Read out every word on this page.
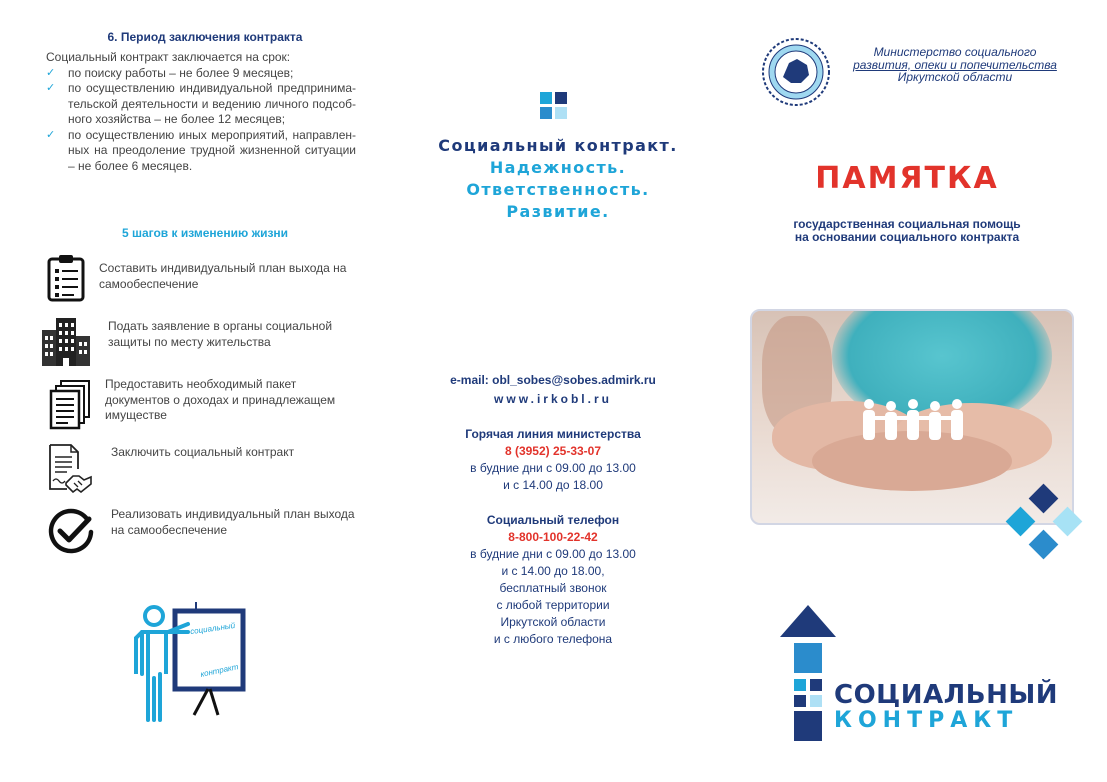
6. Период заключения контракта
Социальный контракт заключается на срок:
✓ по поиску работы – не более 9 месяцев;
✓ по осуществлению индивидуальной предпринима-тельской деятельности и ведению личного подсоб-ного хозяйства – не более 12 месяцев;
✓ по осуществлению иных мероприятий, направлен-ных на преодоление трудной жизненной ситуации – не более 6 месяцев.
5 шагов к изменению жизни
Составить индивидуальный план выхода на самообеспечение
Подать заявление в органы социальной защиты по месту жительства
Предоставить необходимый пакет документов о доходах и принадлежащем имуществе
Заключить социальный контракт
Реализовать индивидуальный план выхода на самообеспечение
социальный
контракт
Социальный контракт.
Надежность.
Ответственность.
Развитие.
e-mail: obl_sobes@sobes.admirk.ru
www.irkobl.ru
Горячая линия министерства
8 (3952) 25-33-07
в будние дни с 09.00 до 13.00
и с 14.00 до 18.00
Социальный телефон
8-800-100-22-42
в будние дни с 09.00 до 13.00
и с 14.00 до 18.00,
бесплатный звонок
с любой территории
Иркутской области
и с любого телефона
Министерство социального
развития, опеки и попечительства
Иркутской области
ПАМЯТКА
государственная социальная помощь
на основании социального контракта
СОЦИАЛЬНЫЙ
КОНТРАКТ
